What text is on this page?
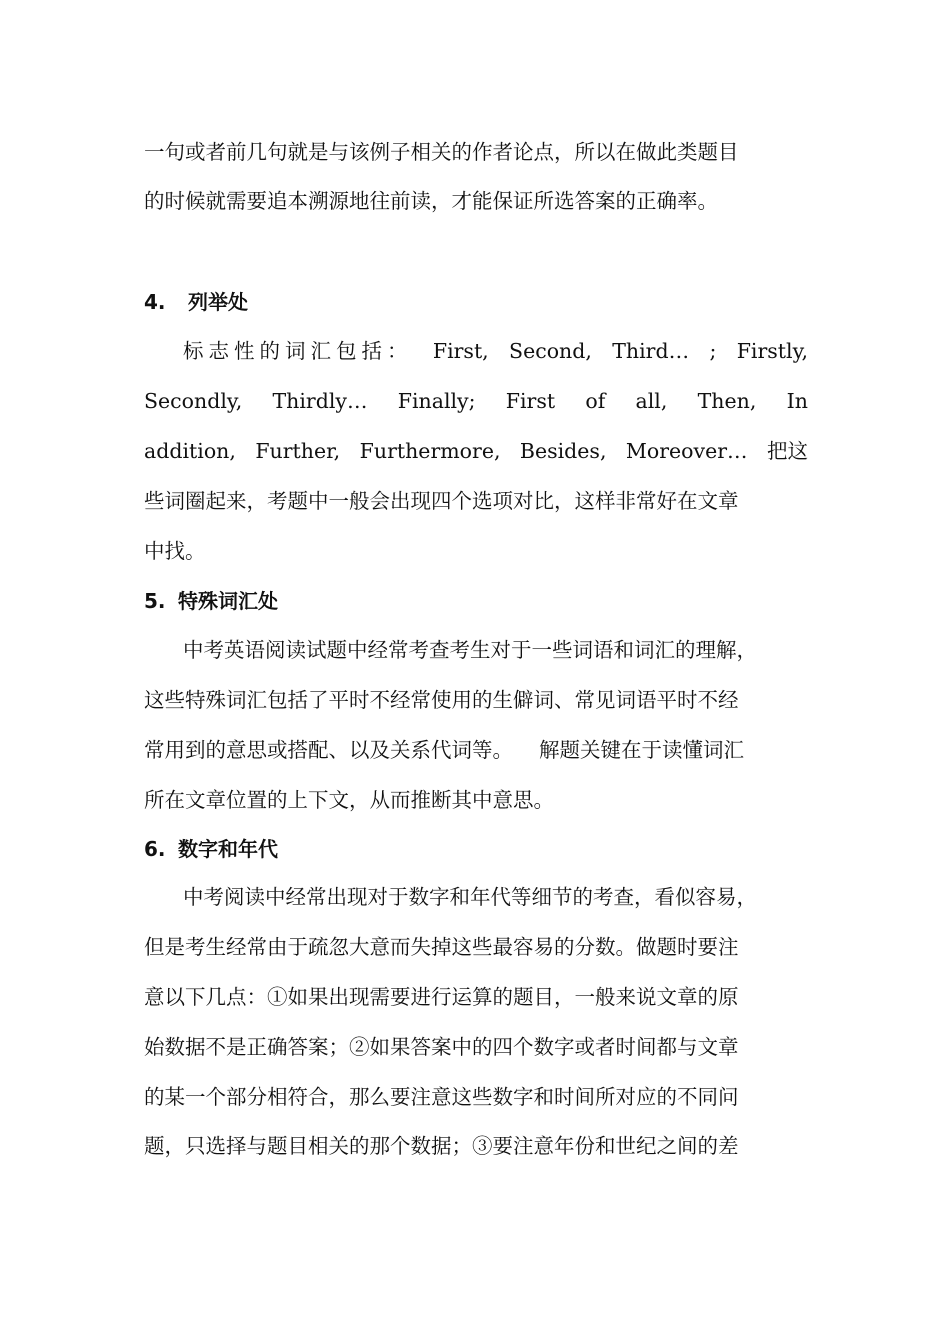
一句或者前几句就是与该例子相关的作者论点，所以在做此类题目
的时候就需要追本溯源地往前读，才能保证所选答案的正确率。
4. 列举处
标志性的词汇包括： First, Second, Third… ; Firstly,
Secondly, Thirdly… Finally; First of all, Then, In
addition, Further, Furthermore, Besides, Moreover… 把这
些词圈起来，考题中一般会出现四个选项对比，这样非常好在文章
中找。
5. 特殊词汇处
中考英语阅读试题中经常考查考生对于一些词语和词汇的理解，
这些特殊词汇包括了平时不经常使用的生僻词、常见词语平时不经
常用到的意思或搭配、以及关系代词等。 解题关键在于读懂词汇
所在文章位置的上下文，从而推断其中意思。
6. 数字和年代
中考阅读中经常出现对于数字和年代等细节的考查，看似容易，
但是考生经常由于疏忽大意而失掉这些最容易的分数。做题时要注
意以下几点：①如果出现需要进行运算的题目，一般来说文章的原
始数据不是正确答案；②如果答案中的四个数字或者时间都与文章
的某一个部分相符合，那么要注意这些数字和时间所对应的不同问
题，只选择与题目相关的那个数据；③要注意年份和世纪之间的差
